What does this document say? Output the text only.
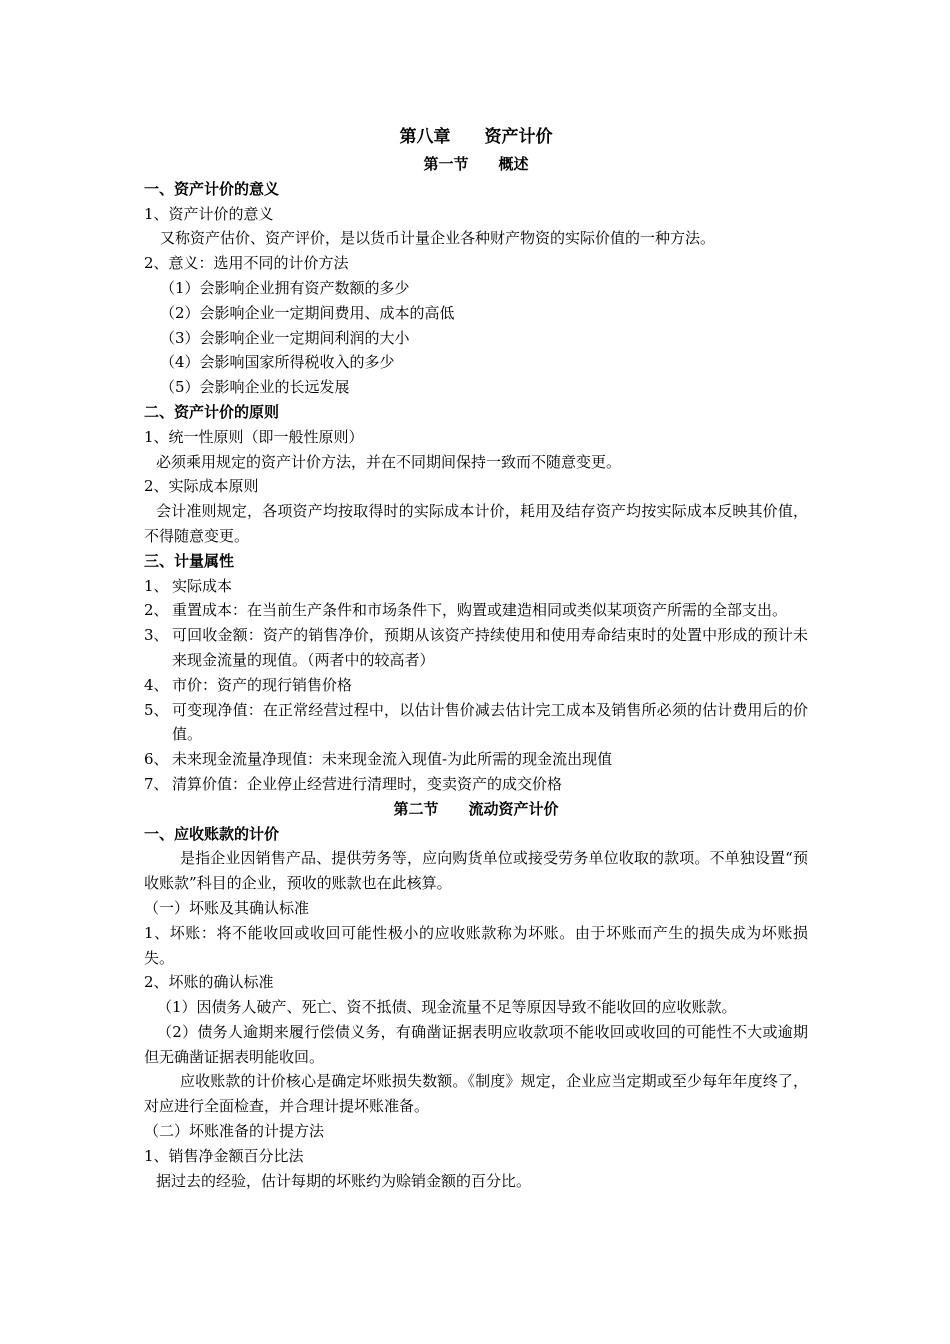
第八章　　资产计价
第一节　　概述
一、资产计价的意义
1、资产计价的意义
又称资产估价、资产评价，是以货币计量企业各种财产物资的实际价值的一种方法。
2、意义：选用不同的计价方法
（1）会影响企业拥有资产数额的多少
（2）会影响企业一定期间费用、成本的高低
（3）会影响企业一定期间利润的大小
（4）会影响国家所得税收入的多少
（5）会影响企业的长远发展
二、资产计价的原则
1、统一性原则（即一般性原则）
必须乘用规定的资产计价方法，并在不同期间保持一致而不随意变更。
2、实际成本原则
会计准则规定，各项资产均按取得时的实际成本计价，耗用及结存资产均按实际成本反映其价值，不得随意变更。
三、计量属性
1、 实际成本
2、 重置成本：在当前生产条件和市场条件下，购置或建造相同或类似某项资产所需的全部支出。
3、 可回收金额：资产的销售净价，预期从该资产持续使用和使用寿命结束时的处置中形成的预计未来现金流量的现值。（两者中的较高者）
4、 市价：资产的现行销售价格
5、 可变现净值：在正常经营过程中，以估计售价减去估计完工成本及销售所必须的估计费用后的价值。
6、 未来现金流量净现值：未来现金流入现值-为此所需的现金流出现值
7、 清算价值：企业停止经营进行清理时，变卖资产的成交价格
第二节　　流动资产计价
一、应收账款的计价
是指企业因销售产品、提供劳务等，应向购货单位或接受劳务单位收取的款项。不单独设置“预收账款”科目的企业，预收的账款也在此核算。
（一）坏账及其确认标准
1、坏账：将不能收回或收回可能性极小的应收账款称为坏账。由于坏账而产生的损失成为坏账损失。
2、坏账的确认标准
（1）因债务人破产、死亡、资不抵债、现金流量不足等原因导致不能收回的应收账款。
（2）债务人逾期来履行偿债义务，有确凿证据表明应收款项不能收回或收回的可能性不大或逾期但无确凿证据表明能收回。
应收账款的计价核心是确定坏账损失数额。《制度》规定，企业应当定期或至少每年年度终了，对应进行全面检查，并合理计提坏账准备。
（二）坏账准备的计提方法
1、销售净金额百分比法
据过去的经验，估计每期的坏账约为赊销金额的百分比。
